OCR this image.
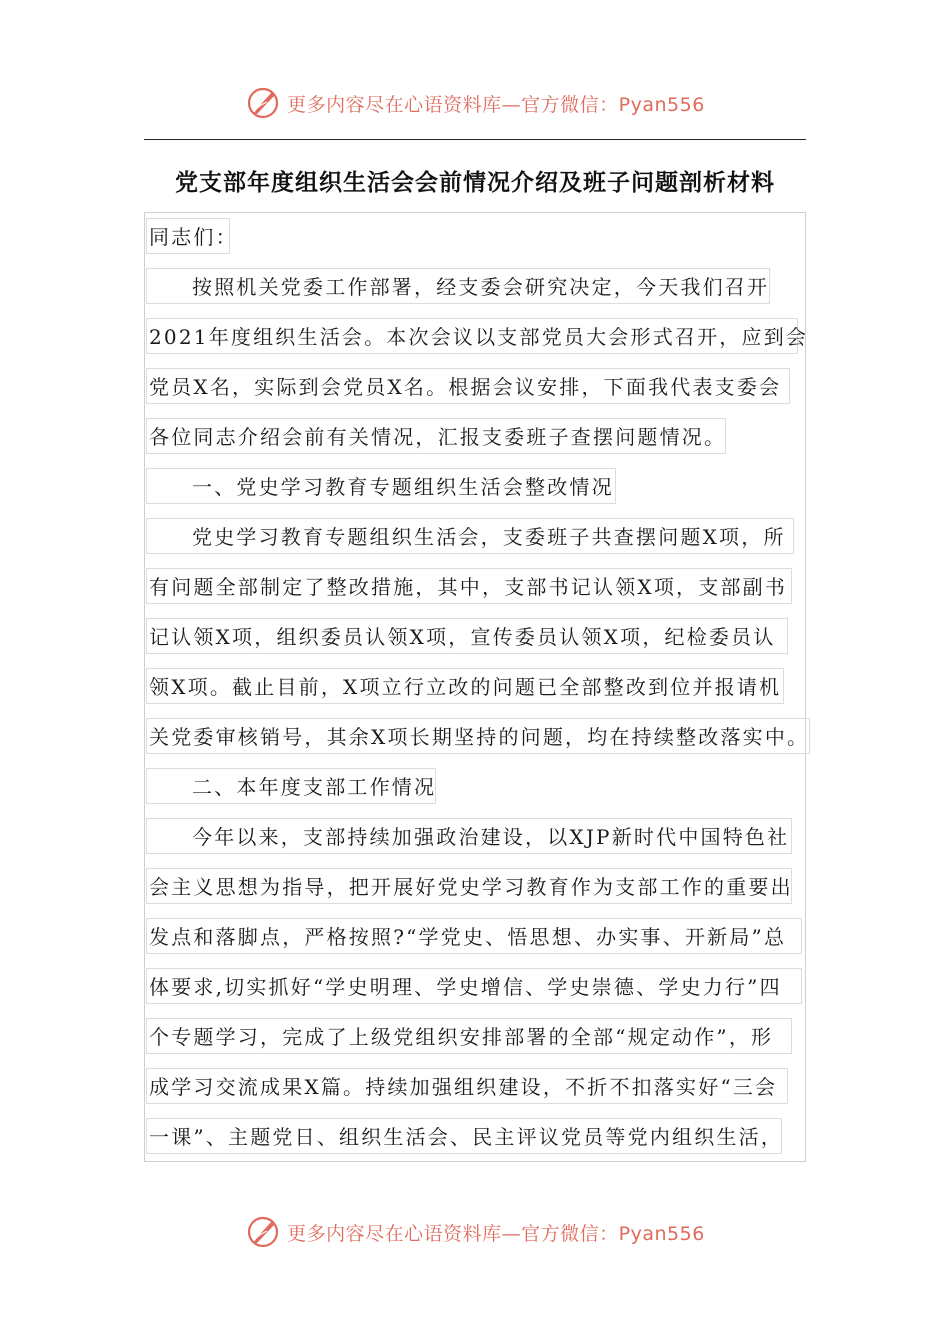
更多内容尽在心语资料库—官方微信：Pyan556
党支部年度组织生活会会前情况介绍及班子问题剖析材料
同志们：
按照机关党委工作部署，经支委会研究决定，今天我们召开
2021年度组织生活会。本次会议以支部党员大会形式召开，应到会
党员X名，实际到会党员X名。根据会议安排，下面我代表支委会
各位同志介绍会前有关情况，汇报支委班子查摆问题情况。
一、党史学习教育专题组织生活会整改情况
党史学习教育专题组织生活会，支委班子共查摆问题X项，所
有问题全部制定了整改措施，其中，支部书记认领X项，支部副书
记认领X项，组织委员认领X项，宣传委员认领X项，纪检委员认
领X项。截止目前，X项立行立改的问题已全部整改到位并报请机
关党委审核销号，其余X项长期坚持的问题，均在持续整改落实中。
二、本年度支部工作情况
今年以来，支部持续加强政治建设，以XJP新时代中国特色社
会主义思想为指导，把开展好党史学习教育作为支部工作的重要出
发点和落脚点，严格按照?“学党史、悟思想、办实事、开新局”总
体要求,切实抓好“学史明理、学史增信、学史崇德、学史力行”四
个专题学习，完成了上级党组织安排部署的全部“规定动作”，形
成学习交流成果X篇。持续加强组织建设，不折不扣落实好“三会
一课”、主题党日、组织生活会、民主评议党员等党内组织生活，
更多内容尽在心语资料库—官方微信：Pyan556
